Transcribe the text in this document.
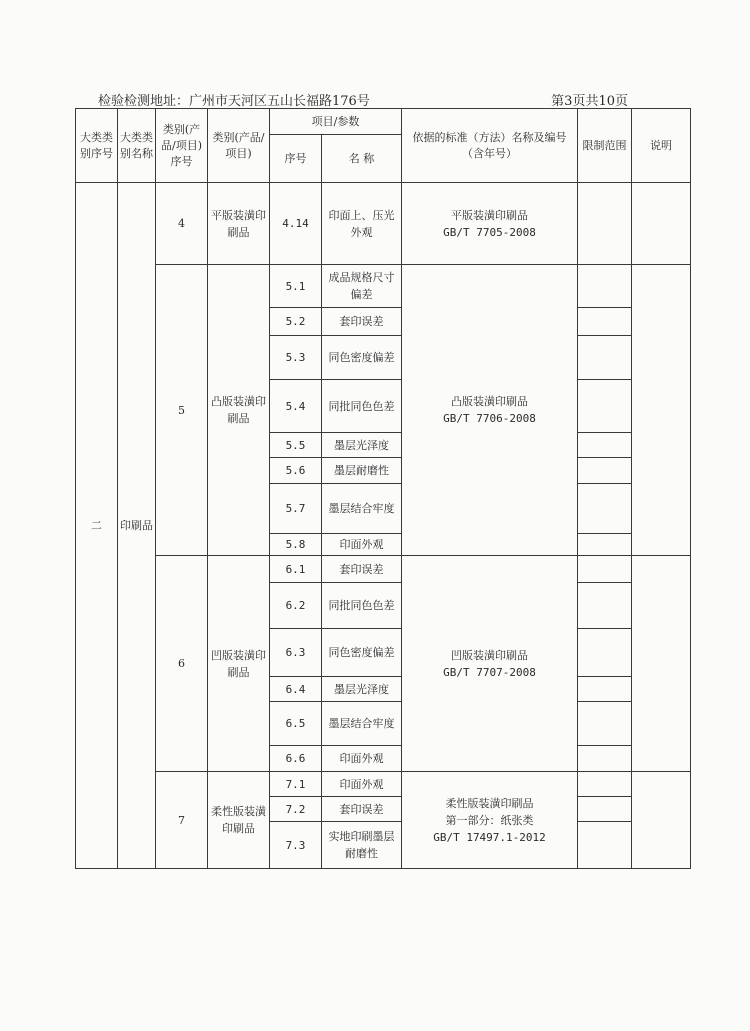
检验检测地址：广州市天河区五山长福路176号	第3页共10页
大类类别序号	大类类别名称	类别(产品/项目)序号	类别(产品/项目)	项目/参数		依据的标准（方法）名称及编号（含年号）	限制范围	说明
				序号	名 称			
二	印刷品	4	平版装潢印刷品	4.14	印面上、压光外观	平版装潢印刷品
GB/T 7705-2008		

		5	凸版装潢印刷品	5.1	成品规格尺寸偏差	凸版装潢印刷品
GB/T 7706-2008		

				5.2	套印误差			
				5.3	同色密度偏差			
				5.4	同批同色色差			
				5.5	墨层光泽度			
				5.6	墨层耐磨性			
				5.7	墨层结合牢度			
				5.8	印面外观			
		6	凹版装潢印刷品	6.1	套印误差	凹版装潢印刷品
GB/T 7707-2008		

				6.2	同批同色色差			
				6.3	同色密度偏差			
				6.4	墨层光泽度			
				6.5	墨层结合牢度			
				6.6	印面外观			
		7	柔性版装潢印刷品	7.1	印面外观	柔性版装潢印刷品
第一部分：纸张类
GB/T 17497.1-2012		

				7.2	套印误差			
				7.3	实地印刷墨层耐磨性			
